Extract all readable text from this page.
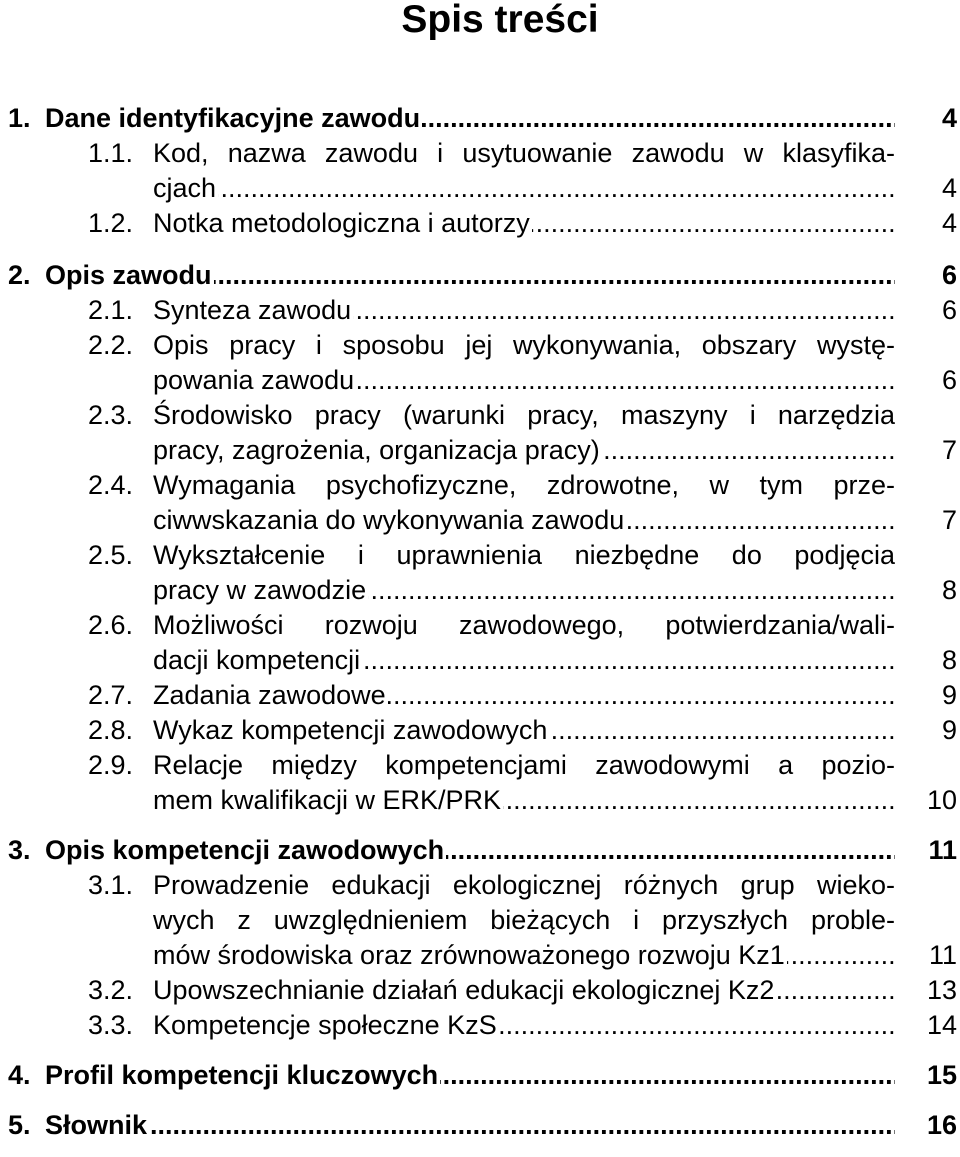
Spis treści
1. Dane identyfikacyjne zawodu .....	4
1.1. Kod, nazwa zawodu i usytuowanie zawodu w klasyfika-
cjach .....	4
1.2. Notka metodologiczna i autorzy .....	4
2. Opis zawodu .....	6
2.1. Synteza zawodu .....	6
2.2. Opis pracy i sposobu jej wykonywania, obszary wystę-
powania zawodu .....	6
2.3. Środowisko pracy (warunki pracy, maszyny i narzędzia
pracy, zagrożenia, organizacja pracy) .....	7
2.4. Wymagania psychofizyczne, zdrowotne, w tym prze-
ciwwskazania do wykonywania zawodu .....	7
2.5. Wykształcenie i uprawnienia niezbędne do podjęcia
pracy w zawodzie .....	8
2.6. Możliwości rozwoju zawodowego, potwierdzania/wali-
dacji kompetencji .....	8
2.7. Zadania zawodowe .....	9
2.8. Wykaz kompetencji zawodowych .....	9
2.9. Relacje między kompetencjami zawodowymi a pozio-
mem kwalifikacji w ERK/PRK .....	10
3. Opis kompetencji zawodowych .....	11
3.1. Prowadzenie edukacji ekologicznej różnych grup wieko-
wych z uwzględnieniem bieżących i przyszłych proble-
mów środowiska oraz zrównoważonego rozwoju Kz1 .....	11
3.2. Upowszechnianie działań edukacji ekologicznej Kz2 .....	13
3.3. Kompetencje społeczne KzS .....	14
4. Profil kompetencji kluczowych .....	15
5. Słownik .....	16
